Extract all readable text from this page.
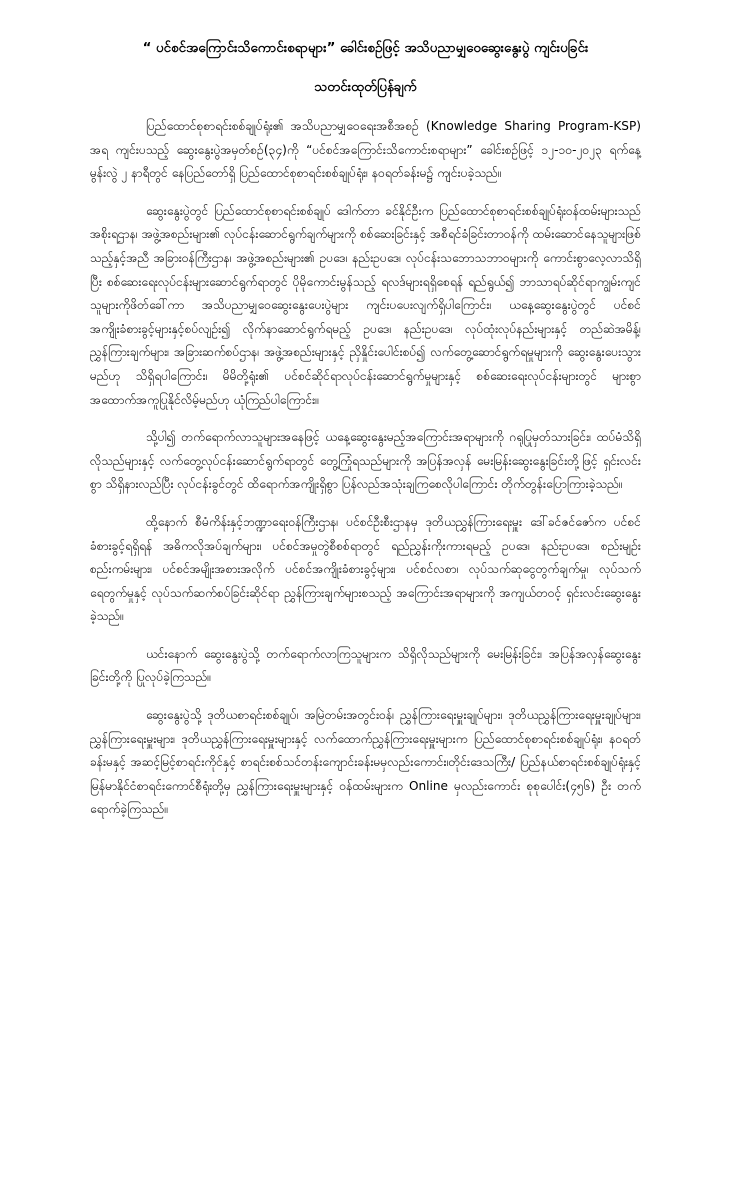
“ ပင်စင်အကြောင်းသိကောင်းစရာများ” ခေါင်းစဉ်ဖြင့် အသိပညာမျှဝေဆွေးနွေးပွဲ ကျင်းပခြင်း
သတင်းထုတ်ပြန်ချက်

ပြည်ထောင်စုစာရင်းစစ်ချုပ်ရုံး၏ အသိပညာမျှဝေရေးအစီအစဉ် (Knowledge Sharing Program-KSP) အရ ကျင်းပသည့် ဆွေးနွေးပွဲအမှတ်စဉ်(၃၄)ကို “ပင်စင်အကြောင်းသိကောင်းစရာများ” ခေါင်းစဉ်ဖြင့် ၁၂-၁၀-၂၀၂၃ ရက်နေ့ မွန်းလွဲ ၂ နာရီတွင် နေပြည်တော်ရှိ ပြည်ထောင်စုစာရင်းစစ်ချုပ်ရုံး၊ နဝရတ်ခန်းမ၌ ကျင်းပခဲ့သည်။

ဆွေးနွေးပွဲတွင် ပြည်ထောင်စုစာရင်းစစ်ချုပ် ဒေါက်တာ ခင်နိုင်ဦးက ပြည်ထောင်စုစာရင်းစစ်ချုပ်ရုံးဝန်ထမ်းများသည် အစိုးရဌာန၊ အဖွဲ့အစည်းများ၏ လုပ်ငန်းဆောင်ရွက်ချက်များကို စစ်ဆေးခြင်းနှင့် အစီရင်ခံခြင်းတာဝန်ကို ထမ်းဆောင်နေသူများဖြစ်သည့်နှင့်အညီ အခြားဝန်ကြီးဌာန၊ အဖွဲ့အစည်းများ၏ ဥပဒေ၊ နည်းဥပဒေ၊ လုပ်ငန်းသဘောသဘာဝများကို ကောင်းစွာလေ့လာသိရှိပြီး စစ်ဆေးရေးလုပ်ငန်းများဆောင်ရွက်ရာတွင် ပိုမိုကောင်းမွန်သည့် ရလဒ်များရရှိစေရန် ရည်ရွယ်၍ ဘာသာရပ်ဆိုင်ရာကျွမ်းကျင်သူများကိုဖိတ်ခေါ်ကာ အသိပညာမျှဝေဆွေးနွေးပေးပွဲများ ကျင်းပပေးလျက်ရှိပါကြောင်း၊ ယနေ့ဆွေးနွေးပွဲတွင် ပင်စင်အကျိုးခံစားခွင့်များနှင့်စပ်လျဉ်း၍ လိုက်နာဆောင်ရွက်ရမည့် ဥပဒေ၊ နည်းဥပဒေ၊ လုပ်ထုံးလုပ်နည်းများနှင့် တည်ဆဲအမိန့်၊ ညွှန်ကြားချက်များ၊ အခြားဆက်စပ်ဌာန၊ အဖွဲ့အစည်းများနှင့် ညှိနှိုင်းပေါင်းစပ်၍ လက်တွေ့ဆောင်ရွက်ရမှုများကို ဆွေးနွေးပေးသွားမည်ဟု သိရှိရပါကြောင်း၊ မိမိတို့ရုံး၏ ပင်စင်ဆိုင်ရာလုပ်ငန်းဆောင်ရွက်မှုများနှင့် စစ်ဆေးရေးလုပ်ငန်းများတွင် များစွာအထောက်အကူပြုနိုင်လိမ့်မည်ဟု ယုံကြည်ပါကြောင်း။

သို့ပါ၍ တက်ရောက်လာသူများအနေဖြင့် ယနေ့ဆွေးနွေးမည့်အကြောင်းအရာများကို ဂရုပြုမှတ်သားခြင်း၊ ထပ်မံသိရှိလိုသည်များနှင့် လက်တွေ့လုပ်ငန်းဆောင်ရွက်ရာတွင် တွေ့ကြုံရသည်များကို အပြန်အလှန် မေးမြန်းဆွေးနွေးခြင်းတို့ဖြင့် ရှင်းလင်းစွာ သိရှိနားလည်ပြီး လုပ်ငန်းခွင်တွင် ထိရောက်အကျိုးရှိစွာ ပြန်လည်အသုံးချကြစေလိုပါကြောင်း တိုက်တွန်းပြောကြားခဲ့သည်။

ထို့နောက် စီမံကိန်းနှင့်ဘဏ္ဍာရေးဝန်ကြီးဌာန၊ ပင်စင်ဦးစီးဌာနမှ ဒုတိယညွှန်ကြားရေးမှူး ဒေါ်ခင်ဇင်ဇော်က ပင်စင်ခံစားခွင့်ရရှိရန် အဓိကလိုအပ်ချက်များ၊ ပင်စင်အမှုတွဲစီစစ်ရာတွင် ရည်ညွှန်းကိုးကားရမည့် ဥပဒေ၊ နည်းဥပဒေ၊ စည်းမျဉ်းစည်းကမ်းများ၊ ပင်စင်အမျိုးအစားအလိုက် ပင်စင်အကျိုးခံစားခွင့်များ၊ ပင်စင်လစာ၊ လုပ်သက်ဆုငွေတွက်ချက်မှု၊ လုပ်သက်ရေတွက်မှုနှင့် လုပ်သက်ဆက်စပ်ခြင်းဆိုင်ရာ ညွှန်ကြားချက်များစသည့် အကြောင်းအရာများကို အကျယ်တဝင့် ရှင်းလင်းဆွေးနွေးခဲ့သည်။

ယင်းနောက် ဆွေးနွေးပွဲသို့ တက်ရောက်လာကြသူများက သိရှိလိုသည်များကို မေးမြန်းခြင်း၊ အပြန်အလှန်ဆွေးနွေးခြင်းတို့ကို ပြုလုပ်ခဲ့ကြသည်။

ဆွေးနွေးပွဲသို့ ဒုတိယစာရင်းစစ်ချုပ်၊ အမြဲတမ်းအတွင်းဝန်၊ ညွှန်ကြားရေးမှူးချုပ်များ၊ ဒုတိယညွှန်ကြားရေးမှူးချုပ်များ၊ ညွှန်ကြားရေးမှူးများ၊ ဒုတိယညွှန်ကြားရေးမှူးများနှင့် လက်ထောက်ညွှန်ကြားရေးမှူးများက ပြည်ထောင်စုစာရင်းစစ်ချုပ်ရုံး၊ နဝရတ်ခန်းမနှင့် အဆင့်မြင့်စာရင်းကိုင်နှင့် စာရင်းစစ်သင်တန်းကျောင်းခန်းမမှလည်းကောင်း၊တိုင်းဒေသကြီး/ ပြည်နယ်စာရင်းစစ်ချုပ်ရုံးနှင့် မြန်မာနိုင်ငံစာရင်းကောင်စီရုံးတို့မှ ညွှန်ကြားရေးမှူးများနှင့် ဝန်ထမ်းများက Online မှလည်းကောင်း စုစုပေါင်း(၄၅၆) ဦး တက်ရောက်ခဲ့ကြသည်။
